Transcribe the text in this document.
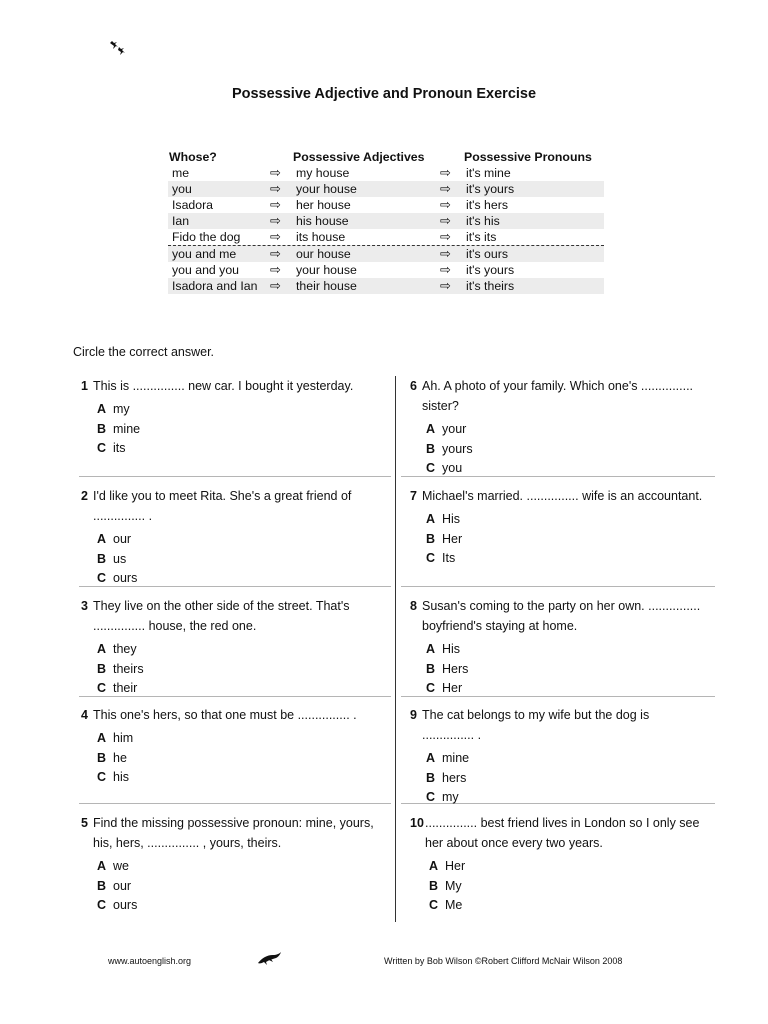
Possessive Adjective and Pronoun Exercise
Whose?	Possessive Adjectives	Possessive Pronouns
me	⇨ my house	⇨ it's mine
you	⇨ your house	⇨ it's yours
Isadora	⇨ her house	⇨ it's hers
Ian	⇨ his house	⇨ it's his
Fido the dog ⇨ its house	⇨ it's its
you and me	⇨ our house	⇨ it's ours
you and you ⇨ your house	⇨ it's yours
Isadora and Ian ⇨ their house	⇨ it's theirs
Circle the correct answer.
1 This is ............... new car. I bought it yesterday.
A my
B mine
C its
2 I'd like you to meet Rita. She's a great friend of
............... .
A our
B us
C ours
3 They live on the other side of the street. That's
............... house, the red one.
A they
B theirs
C their
4 This one's hers, so that one must be ............... .
A him
B he
C his
5 Find the missing possessive pronoun: mine, yours,
his, hers, ............... , yours, theirs.
A we
B our
C ours
6 Ah. A photo of your family. Which one's ...............
sister?
A your
B yours
C you
7 Michael's married. ............... wife is an accountant.
A His
B Her
C Its
8 Susan's coming to the party on her own. ...............
boyfriend's staying at home.
A His
B Hers
C Her
9 The cat belongs to my wife but the dog is
............... .
A mine
B hers
C my
10 ............... best friend lives in London so I only see
her about once every two years.
A Her
B My
C Me
www.autoenglish.org	Written by Bob Wilson ©Robert Clifford McNair Wilson 2008
